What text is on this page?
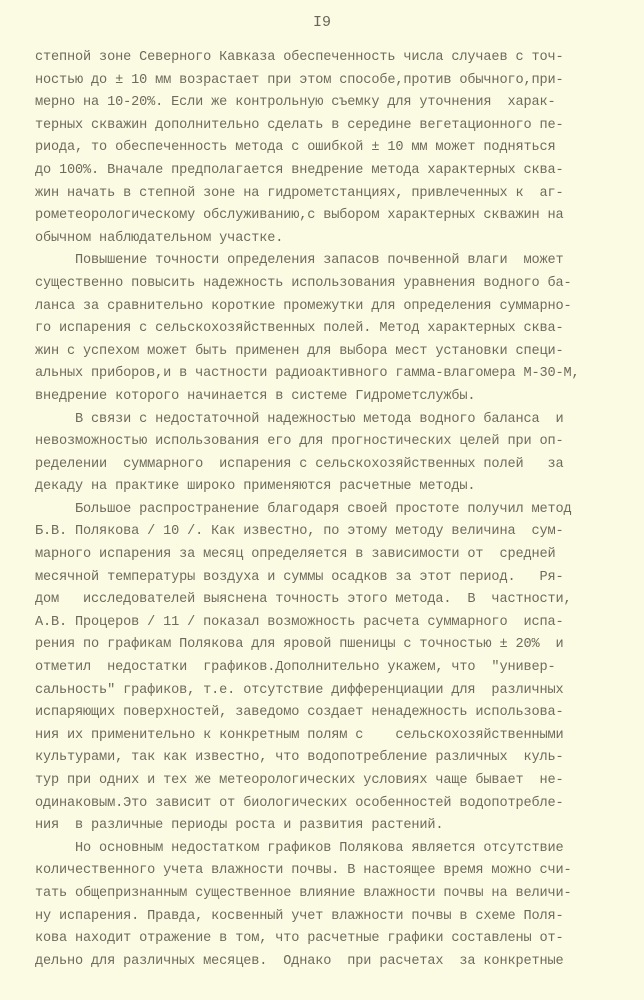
I9
степной зоне Северного Кавказа обеспеченность числа случаев с точ-
ностью до ± 10 мм возрастает при этом способе,против обычного,при-
мерно на 10-20%. Если же контрольную съемку для уточнения  харак-
терных скважин дополнительно сделать в середине вегетационного пе-
риода, то обеспеченность метода с ошибкой ± 10 мм может подняться
до 100%. Вначале предполагается внедрение метода характерных сква-
жин начать в степной зоне на гидрометстанциях, привлеченных к  аг-
рометеорологическому обслуживанию,с выбором характерных скважин на
обычном наблюдательном участке.
Повышение точности определения запасов почвенной влаги  может
существенно повысить надежность использования уравнения водного ба-
ланса за сравнительно короткие промежутки для определения суммарно-
го испарения с сельскохозяйственных полей. Метод характерных сква-
жин с успехом может быть применен для выбора мест установки специ-
альных приборов,и в частности радиоактивного гамма-влагомера М-30-М,
внедрение которого начинается в системе Гидрометслужбы.
В связи с недостаточной надежностью метода водного баланса  и
невозможностью использования его для прогностических целей при оп-
ределении  суммарного  испарения с сельскохозяйственных полей   за
декаду на практике широко применяются расчетные методы.
Большое распространение благодаря своей простоте получил метод
Б.В. Полякова / 10 /. Как известно, по этому методу величина  сум-
марного испарения за месяц определяется в зависимости от  средней
месячной температуры воздуха и суммы осадков за этот период.   Ря-
дом   исследователей выяснена точность этого метода.  В  частности,
А.В. Процеров / 11 / показал возможность расчета суммарного  испа-
рения по графикам Полякова для яровой пшеницы с точностью ± 20%  и
отметил  недостатки  графиков.Дополнительно укажем, что  "универ-
сальность" графиков, т.е. отсутствие дифференциации для  различных
испаряющих поверхностей, заведомо создает ненадежность использова-
ния их применительно к конкретным полям с    сельскохозяйственными
культурами, так как известно, что водопотребление различных  куль-
тур при одних и тех же метеорологических условиях чаще бывает  не-
одинаковым.Это зависит от биологических особенностей водопотребле-
ния  в различные периоды роста и развития растений.
Но основным недостатком графиков Полякова является отсутствие
количественного учета влажности почвы. В настоящее время можно счи-
тать общепризнанным существенное влияние влажности почвы на величи-
ну испарения. Правда, косвенный учет влажности почвы в схеме Поля-
кова находит отражение в том, что расчетные графики составлены от-
дельно для различных месяцев.  Однако  при расчетах  за конкретные
